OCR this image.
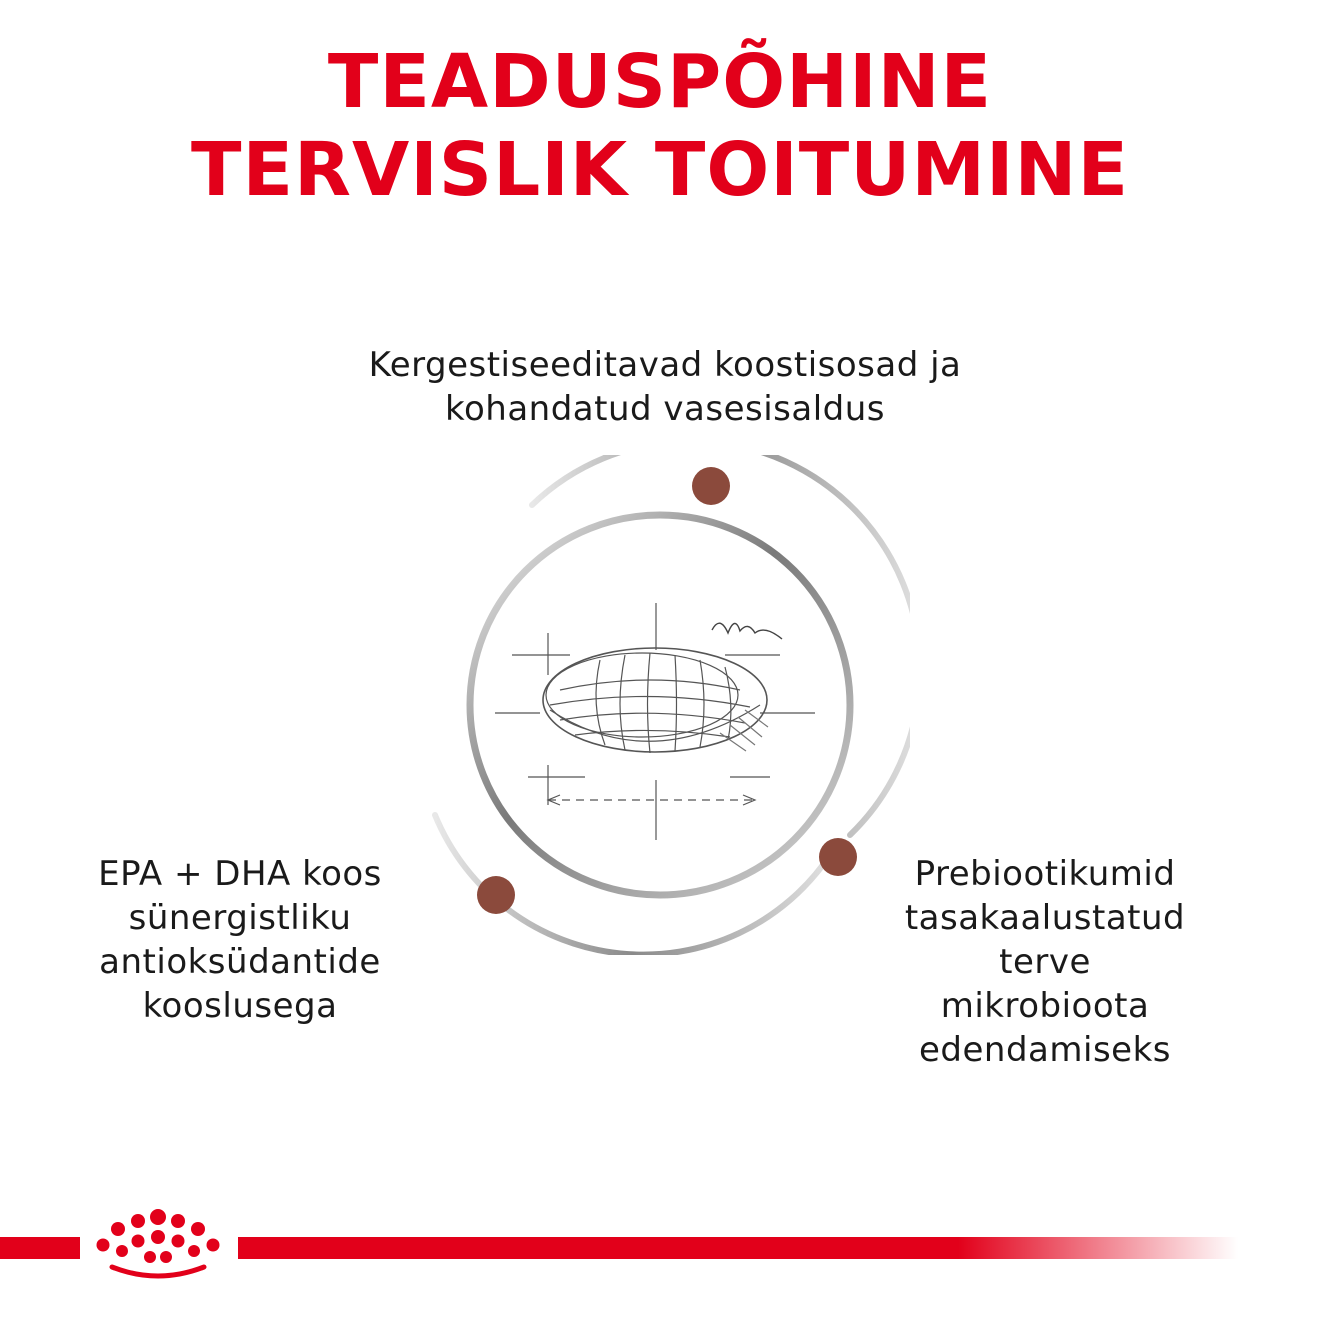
TEADUSPÕHINE
TERVISLIK TOITUMINE
Kergestiseeditavad koostisosad ja
kohandatud vasesisaldus
EPA + DHA koos
sünergistliku
antioksüdantide
kooslusega
Prebiootikumid
tasakaalustatud
terve
mikrobioota
edendamiseks
